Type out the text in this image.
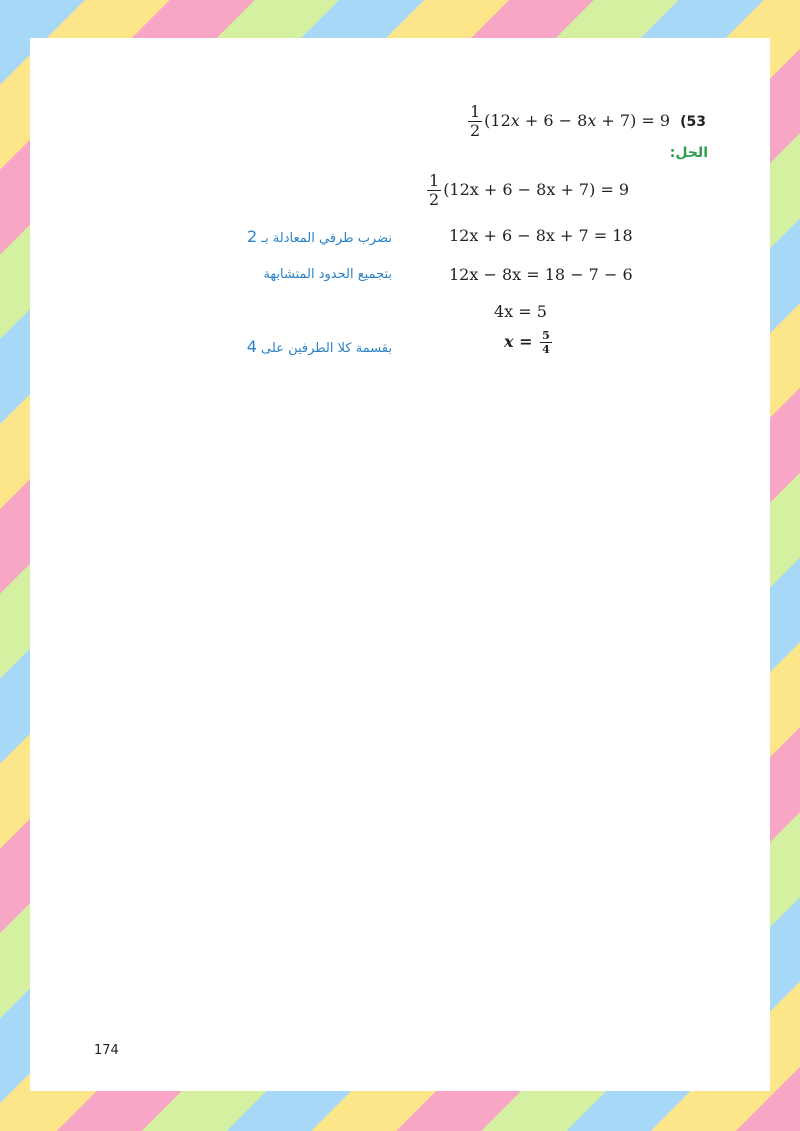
$\frac{1}{2} (12x + 6 - 8x + 7) = 9$ (53
الحل:
$\frac{1}{2} (12x + 6 - 8x + 7) = 9$
12x + 6 − 8x + 7 = 18
نضرب طرفي المعادلة بـ 2
12x − 8x = 18 − 7 − 6
بتجميع الحدود المتشابهة
4x = 5
$x = \frac{5}{4}$
بقسمة كلا الطرفين على 4
174
